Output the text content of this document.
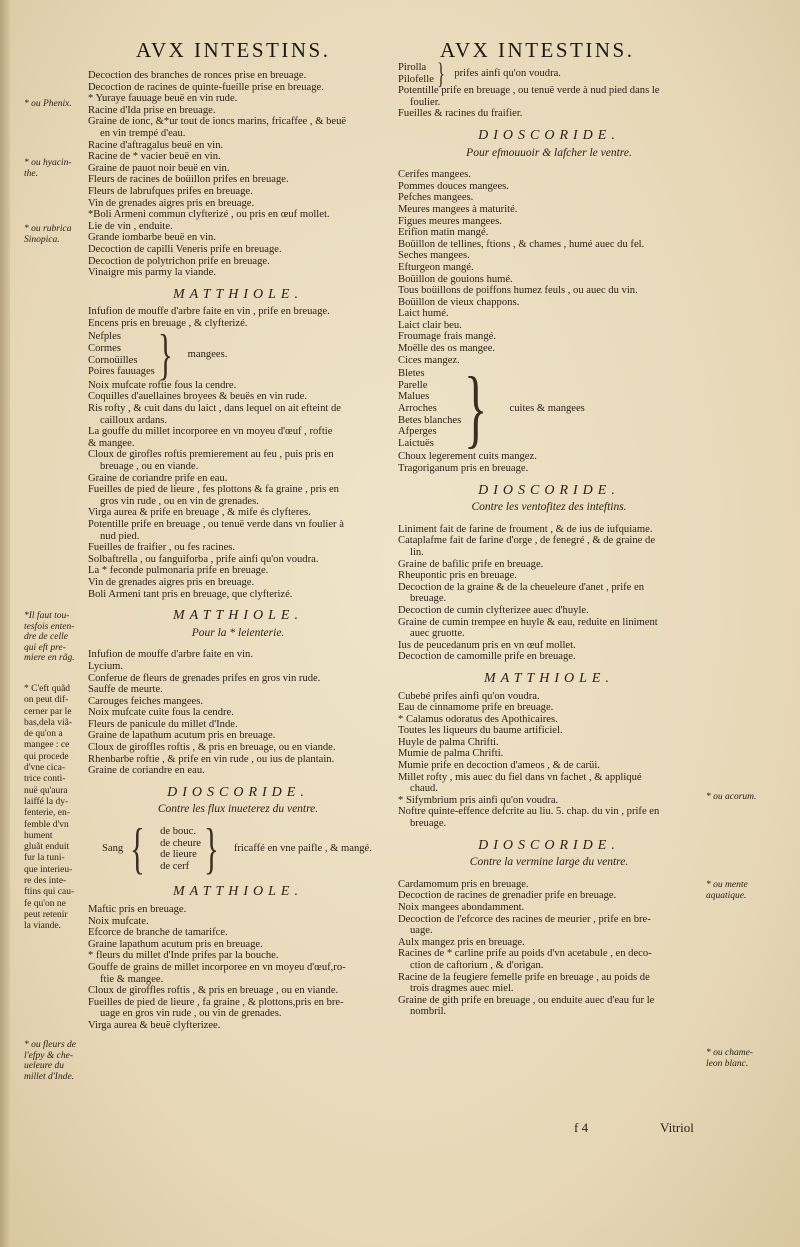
AVX INTESTINS.	AVX INTESTINS.
* ou Phenix.
* ou hyacin-
the.
* ou rubrica
Sinopica.
*Il faut tou-
tesfois enten-
dre de celle
qui eft pre-
miere en rãg.
* C'eft quãd
on peut dif-
cerner par le
bas,dela viã-
de qu'on a
mangee : ce
qui procede
d'vne cica-
trice conti-
nuë qu'aura
laiffé la dy-
fenterie, en-
femble d'vn
hument
gluãt enduit
fur la tuni-
que interieu-
re des inte-
ftins qui cau-
fe qu'on ne
peut retenir
la viande.
* ou fleurs de
l'efpy & che-
ueleure du
millet d'Inde.
* ou acorum.
* ou mente
aquatique.
* ou chame-
leon blanc.
Decoction des branches de ronces prise en breuage.
Decoction de racines de quinte-fueille prise en breuage.
* Yuraye fauuage beuë en vin rude.
Racine d'Ida prise en breuage.
Graine de ionc, &*ur tout de ioncs marins, fricaffee , & beuë
en vin trempé d'eau.
Racine d'aftragalus beuë en vin.
Racine de * vacier beuë en vin.
Graine de pauot noir beuë en vin.
Fleurs de racines de boüillon prifes en breuage.
Fleurs de labrufques prifes en breuage.
Vin de grenades aigres pris en breuage.
*Boli Armeni commun clyfterizé , ou pris en œuf mollet.
Lie de vin , enduite.
Grande iombarbe beuë en vin.
Decoction de capilli Veneris prife en breuage.
Decoction de polytrichon prife en breuage.
Vinaigre mis parmy la viande.
MATTHIOLE.
Infufion de mouffe d'arbre faite en vin , prife en breuage.
Encens pris en breuage , & clyfterizé.
Nefples
Cormes
Cornoüilles
Poires fauuages } mangees.
Noix mufcate roftie fous la cendre.
Coquilles d'auellaines broyees & beuës en vin rude.
Ris rofty , & cuit dans du laict , dans lequel on ait efteint de
cailloux ardans.
La gouffe du millet incorporee en vn moyeu d'œuf , roftie
& mangee.
Cloux de girofles roftis premierement au feu , puis pris en
breuage , ou en viande.
Graine de coriandre prife en eau.
Fueilles de pied de lieure , fes plottons & fa graine , pris en
gros vin rude , ou en vin de grenades.
Virga aurea & prife en breuage , & mife és clyfteres.
Potentille prife en breuage , ou tenuë verde dans vn foulier à
nud pied.
Fueilles de fraifier , ou fes racines.
Solbaftrella , ou fanguiforba , prife ainfi qu'on voudra.
La * feconde pulmonaria prife en breuage.
Vin de grenades aigres pris en breuage.
Boli Armeni tant pris en breuage, que clyfterizé.
MATTHIOLE.
Pour la * leienterie.
Infufion de mouffe d'arbre faite en vin.
Lycium.
Conferue de fleurs de grenades prifes en gros vin rude.
Sauffe de meurte.
Carouges feiches mangees.
Noix mufcate cuite fous la cendre.
Fleurs de panicule du millet d'Inde.
Graine de lapathum acutum pris en breuage.
Cloux de giroffles roftis , & pris en breuage, ou en viande.
Rhenbarbe roftie , & prife en vin rude , ou ius de plantain.
Graine de coriandre en eau.
DIOSCORIDE.
Contre les flux inueterez du ventre.
Sang { de bouc.
de cheure
de lieure
de cerf } fricaffé en vne paifle , & mangé.
MATTHIOLE.
Maftic pris en breuage.
Noix mufcate.
Efcorce de branche de tamarifce.
Graine lapathum acutum pris en breuage.
* fleurs du millet d'Inde prifes par la bouche.
Gouffe de grains de millet incorporee en vn moyeu d'œuf,ro-
ftie & mangee.
Cloux de giroffles roftis , & pris en breuage , ou en viande.
Fueilles de pied de lieure , fa graine , & plottons,pris en bre-
uage en gros vin rude , ou vin de grenades.
Virga aurea & beuë clyfterizee.
Pirolla
Pilofelle } prifes ainfi qu'on voudra.
Potentille prife en breuage , ou tenuë verde à nud pied dans le
foulier.
Fueilles & racines du fraifier.
DIOSCORIDE.
Pour efmouuoir & lafcher le ventre.
Cerifes mangees.
Pommes douces mangees.
Pefches mangees.
Meures mangees à maturité.
Figues meures mangees.
Erifïon matin mangé.
Boüillon de tellines, ftions , & chames , humé auec du fel.
Seches mangees.
Efturgeon mangé.
Boüillon de gouions humé.
Tous boüillons de poiffons humez feuls , ou auec du vin.
Boüillon de vieux chappons.
Laict humé.
Laict clair beu.
Froumage frais mangé.
Moëlle des os mangee.
Cices mangez.
Bletes
Parelle
Malues
Arroches
Betes blanches
Afperges
Laictuës } cuites & mangees
Choux legerement cuits mangez.
Tragoriganum pris en breuage.
DIOSCORIDE.
Contre les ventofitez des inteftins.
Liniment fait de farine de froument , & de ius de iufquiame.
Cataplafme fait de farine d'orge , de fenegré , & de graine de
lin.
Graine de bafilic prife en breuage.
Rheupontic pris en breuage.
Decoction de la graine & de la cheueleure d'anet , prife en
breuage.
Decoction de cumin clyfterizee auec d'huyle.
Graine de cumin trempee en huyle & eau, reduite en liniment
auec gruotte.
Ius de peucedanum pris en vn œuf mollet.
Decoction de camomille prife en breuage.
MATTHIOLE.
Cubebé prifes ainfi qu'on voudra.
Eau de cinnamome prife en breuage.
* Calamus odoratus des Apothicaires.
Toutes les liqueurs du baume artificiel.
Huyle de palma Chrifti.
Mumie de palma Chrifti.
Mumie prife en decoction d'ameos , & de carüi.
Millet rofty , mis auec du fiel dans vn fachet , & appliqué
chaud.
* Sifymbrium pris ainfi qu'on voudra.
Noftre quinte-effence defcrite au liu. 5. chap. du vin , prife en
breuage.
DIOSCORIDE.
Contre la vermine large du ventre.
Cardamomum pris en breuage.
Decoction de racines de grenadier prife en breuage.
Noix mangees abondamment.
Decoction de l'efcorce des racines de meurier , prife en bre-
uage.
Aulx mangez pris en breuage.
Racines de * carline prife au poids d'vn acetabule , en deco-
ction de caftorium , & d'origan.
Racine de la feugiere femelle prife en breuage , au poids de
trois dragmes auec miel.
Graine de gith prife en breuage , ou enduite auec d'eau fur le
nombril.
f 4	Vitriol
